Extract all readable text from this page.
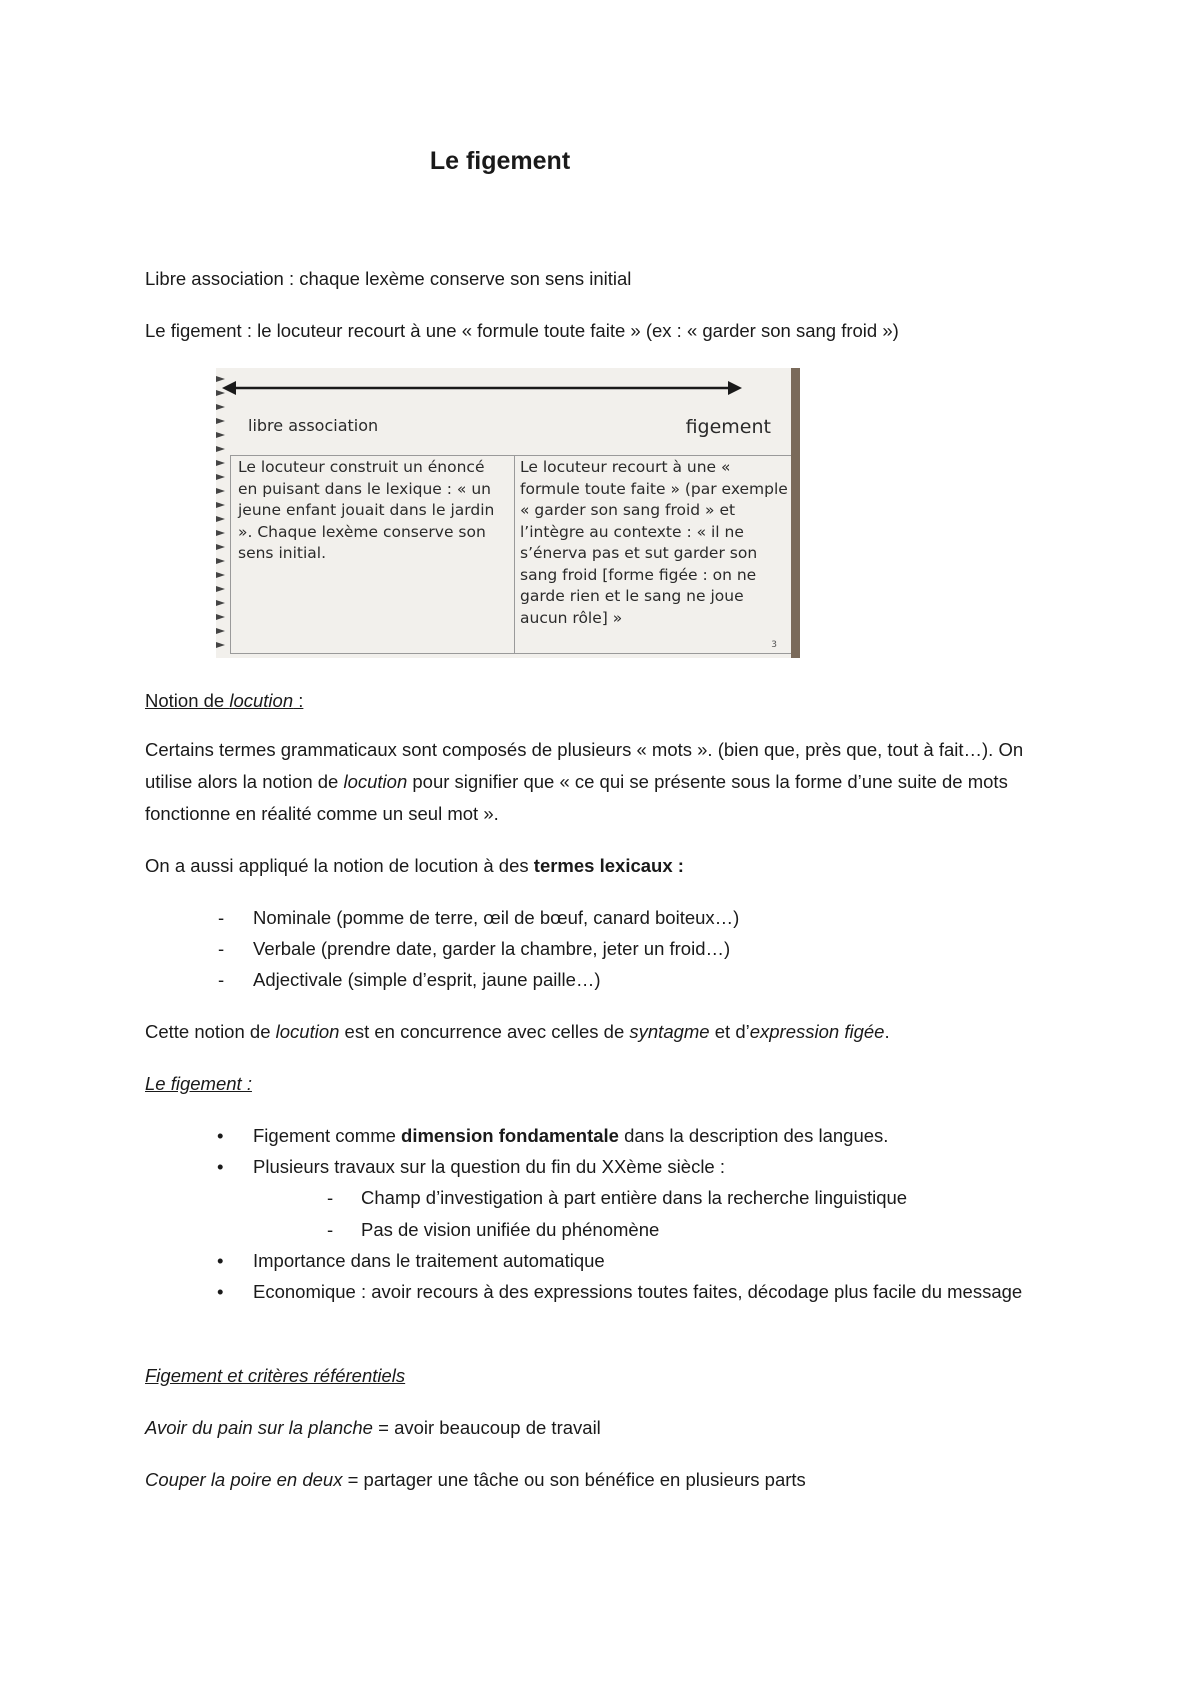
Le figement
Libre association : chaque lexème conserve son sens initial
Le figement : le locuteur recourt à une « formule toute faite » (ex : « garder son sang froid »)
libre association	figement
Le locuteur construit un énoncé en puisant dans le lexique : « un jeune enfant jouait dans le jardin ». Chaque lexème conserve son sens initial.
Le locuteur recourt à une « formule toute faite » (par exemple « garder son sang froid » et l’intègre au contexte : « il ne s’énerva pas et sut garder son sang froid [forme figée : on ne garde rien et le sang ne joue aucun rôle] »
3
Notion de locution :
Certains termes grammaticaux sont composés de plusieurs « mots ». (bien que, près que, tout à fait…). On utilise alors la notion de locution pour signifier que « ce qui se présente sous la forme d’une suite de mots fonctionne en réalité comme un seul mot ».
On a aussi appliqué la notion de locution à des termes lexicaux :
- Nominale (pomme de terre, œil de bœuf, canard boiteux…)
- Verbale (prendre date, garder la chambre, jeter un froid…)
- Adjectivale (simple d’esprit, jaune paille…)
Cette notion de locution est en concurrence avec celles de syntagme et d’expression figée.
Le figement :
• Figement comme dimension fondamentale dans la description des langues.
• Plusieurs travaux sur la question du fin du XXème siècle :
- Champ d’investigation à part entière dans la recherche linguistique
- Pas de vision unifiée du phénomène
• Importance dans le traitement automatique
• Economique : avoir recours à des expressions toutes faites, décodage plus facile du message
Figement et critères référentiels
Avoir du pain sur la planche = avoir beaucoup de travail
Couper la poire en deux = partager une tâche ou son bénéfice en plusieurs parts
